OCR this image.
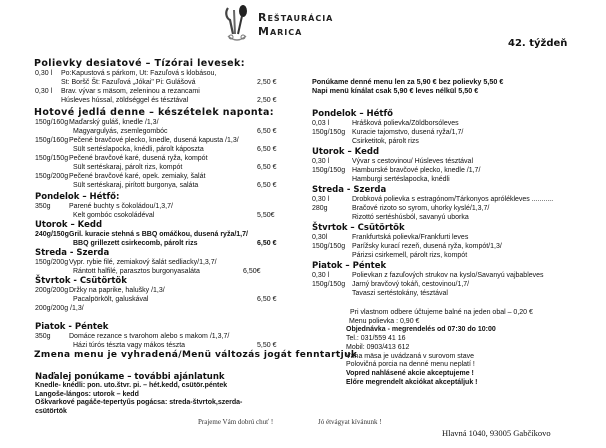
Reštaurácia
Marica
42. týždeň
Polievky desiatové – Tízórai levesek:
0,30 l Po:Kapustová s párkom, Ut: Fazuľová s klobásou,
St: Boršč Št: Fazuľová „Jókai" Pi: Gulášová	2,50 €
0,30 l Brav. vývar s mäsom, zeleninou a rezancami
Húsleves hússal, zöldséggel és tésztával	2,50 €
Hotové jedlá denne – készételek naponta:
150g/160g Maďarský guláš, knedle /1,3/
Magyargulyás, zsemlegombóc	6,50 €
150g/160g Pečené bravčové plecko, knedle, dusená kapusta /1,3/
Sült sertéslapocka, knédli, párolt káposzta	6,50 €
150g/150g Pečené bravčové karé, dusená ryža, kompót
Sült sertéskaraj, párolt rizs, kompót	6,50 €
150g/200g Pečené bravčové karé, opek. zemiaky, šalát
Sült sertéskaraj, pirított burgonya, saláta	6,50 €
Pondelok – Hétfő:
350g	Parené buchty s čokoládou/1,3,7/
Kelt gombóc csokoládéval	5,50€
Utorok – Kedd
240g/150g Gril. kuracie stehná s BBQ omáčkou, dusená ryža/1,7/
BBQ grillezett csirkecomb, párolt rizs	6,50 €
Streda - Szerda
150g/200g Vypr. rybie filé, zemiakový šalát sedliacky/1,3,7/
Rántott halfilé, paraszt​os burgonyasaláta	6,50€
Štvrtok - Csütörtök
200g/200g Držky na paprike, halušky /1,3/
Pacalpörkölt, galuskával	6,50 €
200g/200g /1,3/
Piatok - Péntek
350g	Domáce rezance s tvarohom alebo s makom /1,3,7/
Házi túrós tészta vagy mákos tészta	5,50 €
Zmena menu je vyhradená/Menü változás jogát fenntartjuk
Naďalej ponúkame – további ajánlatunk
Knedle- knédli: pon. uto.štvr. pi. – hét.kedd, csütör.péntek
Langoše-lángos: utorok – kedd
Oškvarkové pagáče-tepertyűs pogácsa: streda-štvrtok,szerda-
csütörtök
Ponúkame denné menu len za 5,90 € bez polievky 5,50 €
Napi menü kínálat csak 5,90 € leves nélkül 5,50 €
Pondelok – Hétfő
0,03 l	Hrášková polievka/Zöldborsóleves
150g/150g Kuracie tajomstvo, dusená ryža/1,7/
Csirketitok, párolt rizs
Utorok – Kedd
0,30 l	Vývar s cestovinou/ Húsleves tésztával
150g/150g Hamburské bravčové plecko, knedle /1,7/
Hamburgi sertéslapocka, knédli
Streda - Szerda
0,30 l	Drobková polievka s estragónom/Tárkonyos aprólékleves ...........
280g	Bračové rizoto so syrom, uhorky kyslé/1,3,7/
Rizottó sertéshúsból, savanyú uborka
Štvrtok – Csütörtök
0,30l	Frankfurtská polievka/Frankfurti leves
150g/150g Parížsky kurací rezeň, dusená ryža, kompót/1,3/
Párizsi csirkemell, párolt rizs, kompót
Piatok – Péntek
0,30 l	Polievkan z fazuľových strukov na kyslo/Savanyú vajbableves
150g/150g Jarný bravčový tokáň, cestovinou/1,7/
Tavaszi sertéstokány, tésztával
Pri vlastnom odbere účtujeme balné na jeden obal – 0,20 €
Menu polievka : 0,90 €
Objednávka - megrendelés od 07:30 do 10:00
Tel.: 031/559 41 16
Mobil: 0903/413 612
Váha mäsa je uvádzaná v surovom stave
Polovičná porcia na denné menu neplatí !
Vopred nahlásené akcie akceptujeme !
Előre megrendelt akciókat akceptáljuk !
Prajeme Vám dobrú chuť !	Jó étvágyat kívánunk !
Hlavná 1040, 93005 Gabčíkovo
